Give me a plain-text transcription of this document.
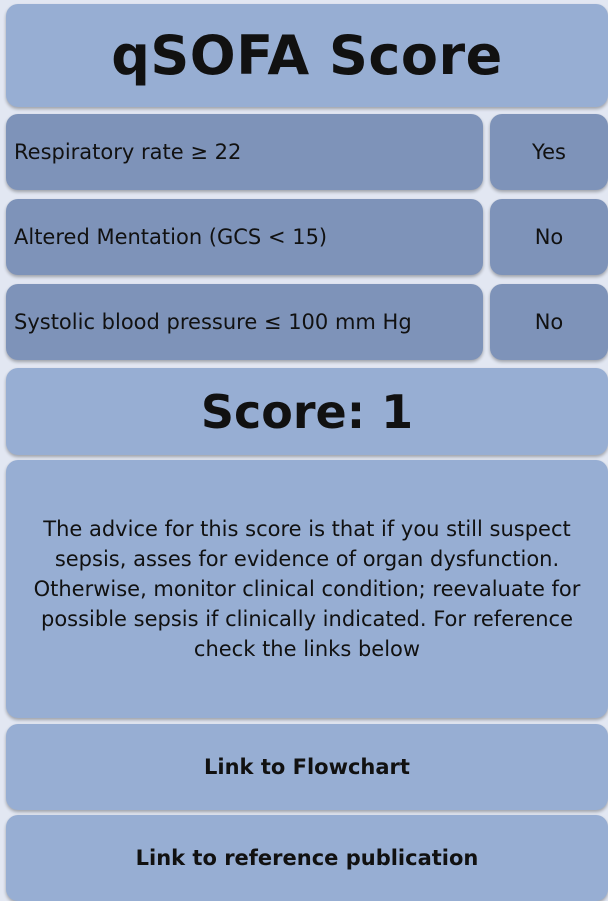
qSOFA Score
Respiratory rate ≥ 22	Yes
Altered Mentation (GCS < 15)	No
Systolic blood pressure ≤ 100 mm Hg	No
Score: 1
The advice for this score is that if you still suspect sepsis, asses for evidence of organ dysfunction. Otherwise, monitor clinical condition; reevaluate for possible sepsis if clinically indicated. For reference check the links below
Link to Flowchart
Link to reference publication
